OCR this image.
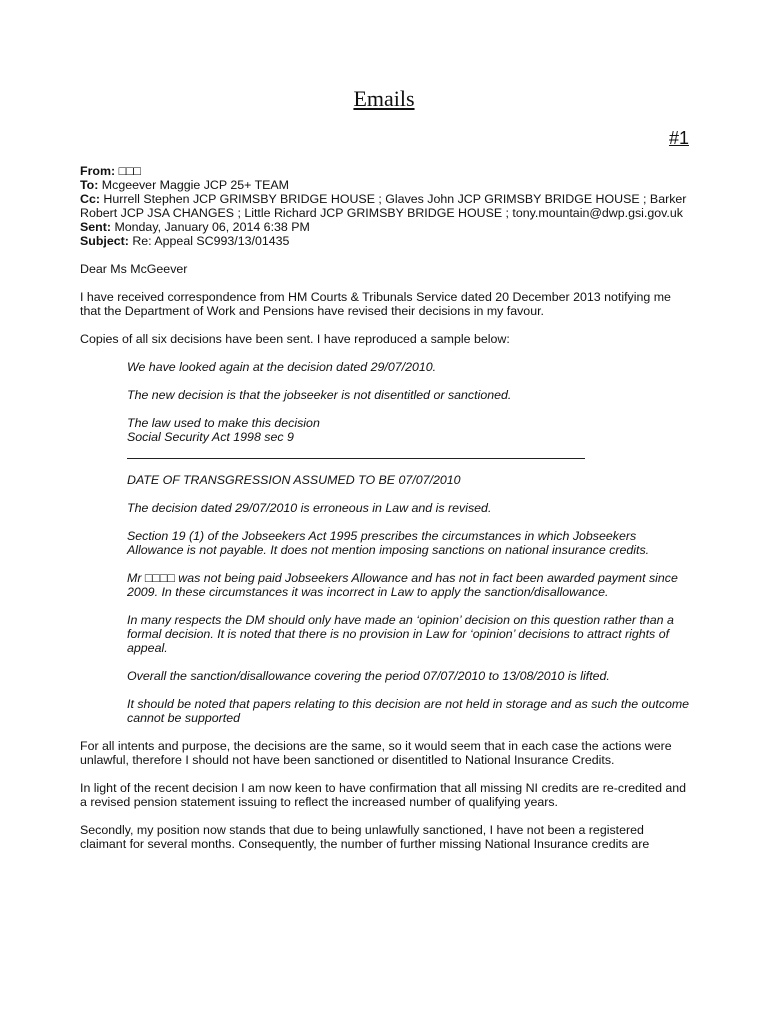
Emails
#1

From: □□□

To: Mcgeever Maggie JCP 25+ TEAM

Cc: Hurrell Stephen JCP GRIMSBY BRIDGE HOUSE ; Glaves John JCP GRIMSBY BRIDGE HOUSE ; Barker Robert JCP JSA CHANGES ; Little Richard JCP GRIMSBY BRIDGE HOUSE ; tony.mountain@dwp.gsi.gov.uk

Sent: Monday, January 06, 2014 6:38 PM

Subject: Re: Appeal SC993/13/01435

Dear Ms McGeever

I have received correspondence from HM Courts & Tribunals Service dated 20 December 2013 notifying me that the Department of Work and Pensions have revised their decisions in my favour.

Copies of all six decisions have been sent. I have reproduced a sample below:

We have looked again at the decision dated 29/07/2010.

The new decision is that the jobseeker is not disentitled or sanctioned.

The law used to make this decision
Social Security Act 1998 sec 9

DATE OF TRANSGRESSION ASSUMED TO BE 07/07/2010

The decision dated 29/07/2010 is erroneous in Law and is revised.

Section 19 (1) of the Jobseekers Act 1995 prescribes the circumstances in which Jobseekers Allowance is not payable. It does not mention imposing sanctions on national insurance credits.

Mr □□□□ was not being paid Jobseekers Allowance and has not in fact been awarded payment since 2009. In these circumstances it was incorrect in Law to apply the sanction/disallowance.

In many respects the DM should only have made an ‘opinion’ decision on this question rather than a formal decision. It is noted that there is no provision in Law for ‘opinion’ decisions to attract rights of appeal.

Overall the sanction/disallowance covering the period 07/07/2010 to 13/08/2010 is lifted.

It should be noted that papers relating to this decision are not held in storage and as such the outcome cannot be supported

For all intents and purpose, the decisions are the same, so it would seem that in each case the actions were unlawful, therefore I should not have been sanctioned or disentitled to National Insurance Credits.

In light of the recent decision I am now keen to have confirmation that all missing NI credits are re-credited and a revised pension statement issuing to reflect the increased number of qualifying years.

Secondly, my position now stands that due to being unlawfully sanctioned, I have not been a registered claimant for several months. Consequently, the number of further missing National Insurance credits are
